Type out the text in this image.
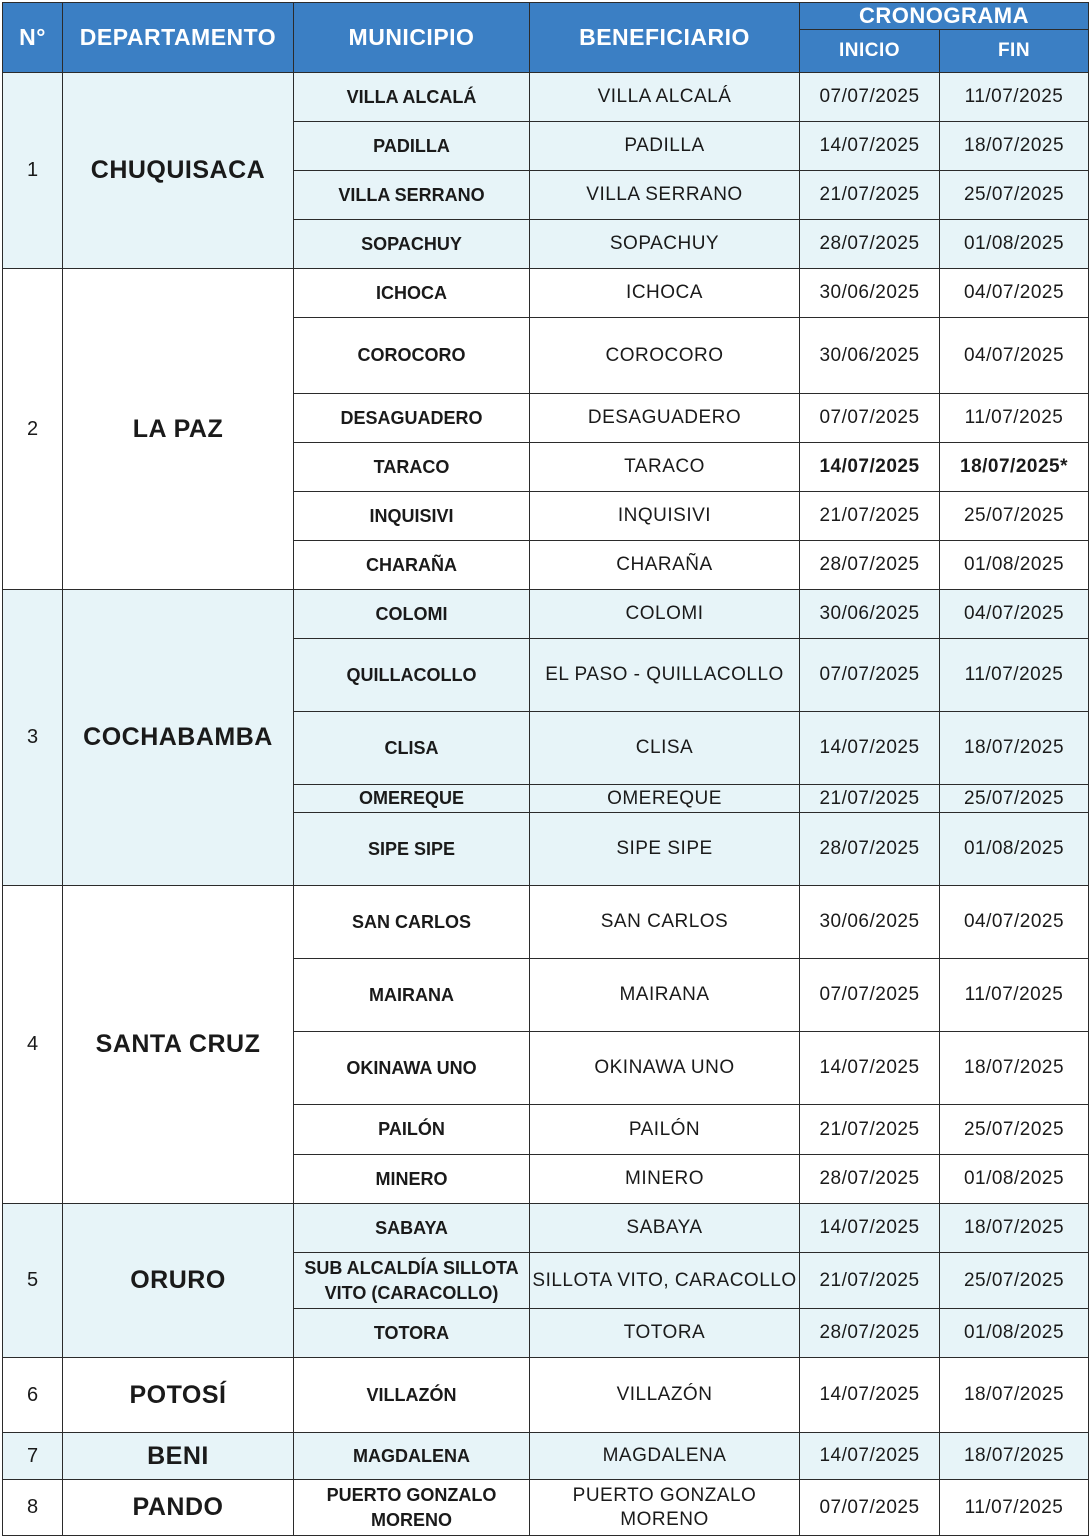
N°	DEPARTAMENTO	MUNICIPIO	BENEFICIARIO	CRONOGRAMA	
				INICIO	FIN
1	CHUQUISACA	VILLA ALCALÁ	VILLA ALCALÁ	07/07/2025	11/07/2025
		PADILLA	PADILLA	14/07/2025	18/07/2025
		VILLA SERRANO	VILLA SERRANO	21/07/2025	25/07/2025
		SOPACHUY	SOPACHUY	28/07/2025	01/08/2025
2	LA PAZ	ICHOCA	ICHOCA	30/06/2025	04/07/2025
		COROCORO	COROCORO	30/06/2025	04/07/2025
		DESAGUADERO	DESAGUADERO	07/07/2025	11/07/2025
		TARACO	TARACO	14/07/2025	18/07/2025*
		INQUISIVI	INQUISIVI	21/07/2025	25/07/2025
		CHARAÑA	CHARAÑA	28/07/2025	01/08/2025
3	COCHABAMBA	COLOMI	COLOMI	30/06/2025	04/07/2025
		QUILLACOLLO	EL PASO - QUILLACOLLO	07/07/2025	11/07/2025
		CLISA	CLISA	14/07/2025	18/07/2025
		OMEREQUE	OMEREQUE	21/07/2025	25/07/2025
		SIPE SIPE	SIPE SIPE	28/07/2025	01/08/2025
4	SANTA CRUZ	SAN CARLOS	SAN CARLOS	30/06/2025	04/07/2025
		MAIRANA	MAIRANA	07/07/2025	11/07/2025
		OKINAWA UNO	OKINAWA UNO	14/07/2025	18/07/2025
		PAILÓN	PAILÓN	21/07/2025	25/07/2025
		MINERO	MINERO	28/07/2025	01/08/2025
5	ORURO	SABAYA	SABAYA	14/07/2025	18/07/2025
		SUB ALCALDÍA SILLOTA VITO (CARACOLLO)	SILLOTA VITO, CARACOLLO	21/07/2025	25/07/2025
		TOTORA	TOTORA	28/07/2025	01/08/2025
6	POTOSÍ	VILLAZÓN	VILLAZÓN	14/07/2025	18/07/2025
7	BENI	MAGDALENA	MAGDALENA	14/07/2025	18/07/2025
8	PANDO	PUERTO GONZALO MORENO	PUERTO GONZALO MORENO	07/07/2025	11/07/2025
